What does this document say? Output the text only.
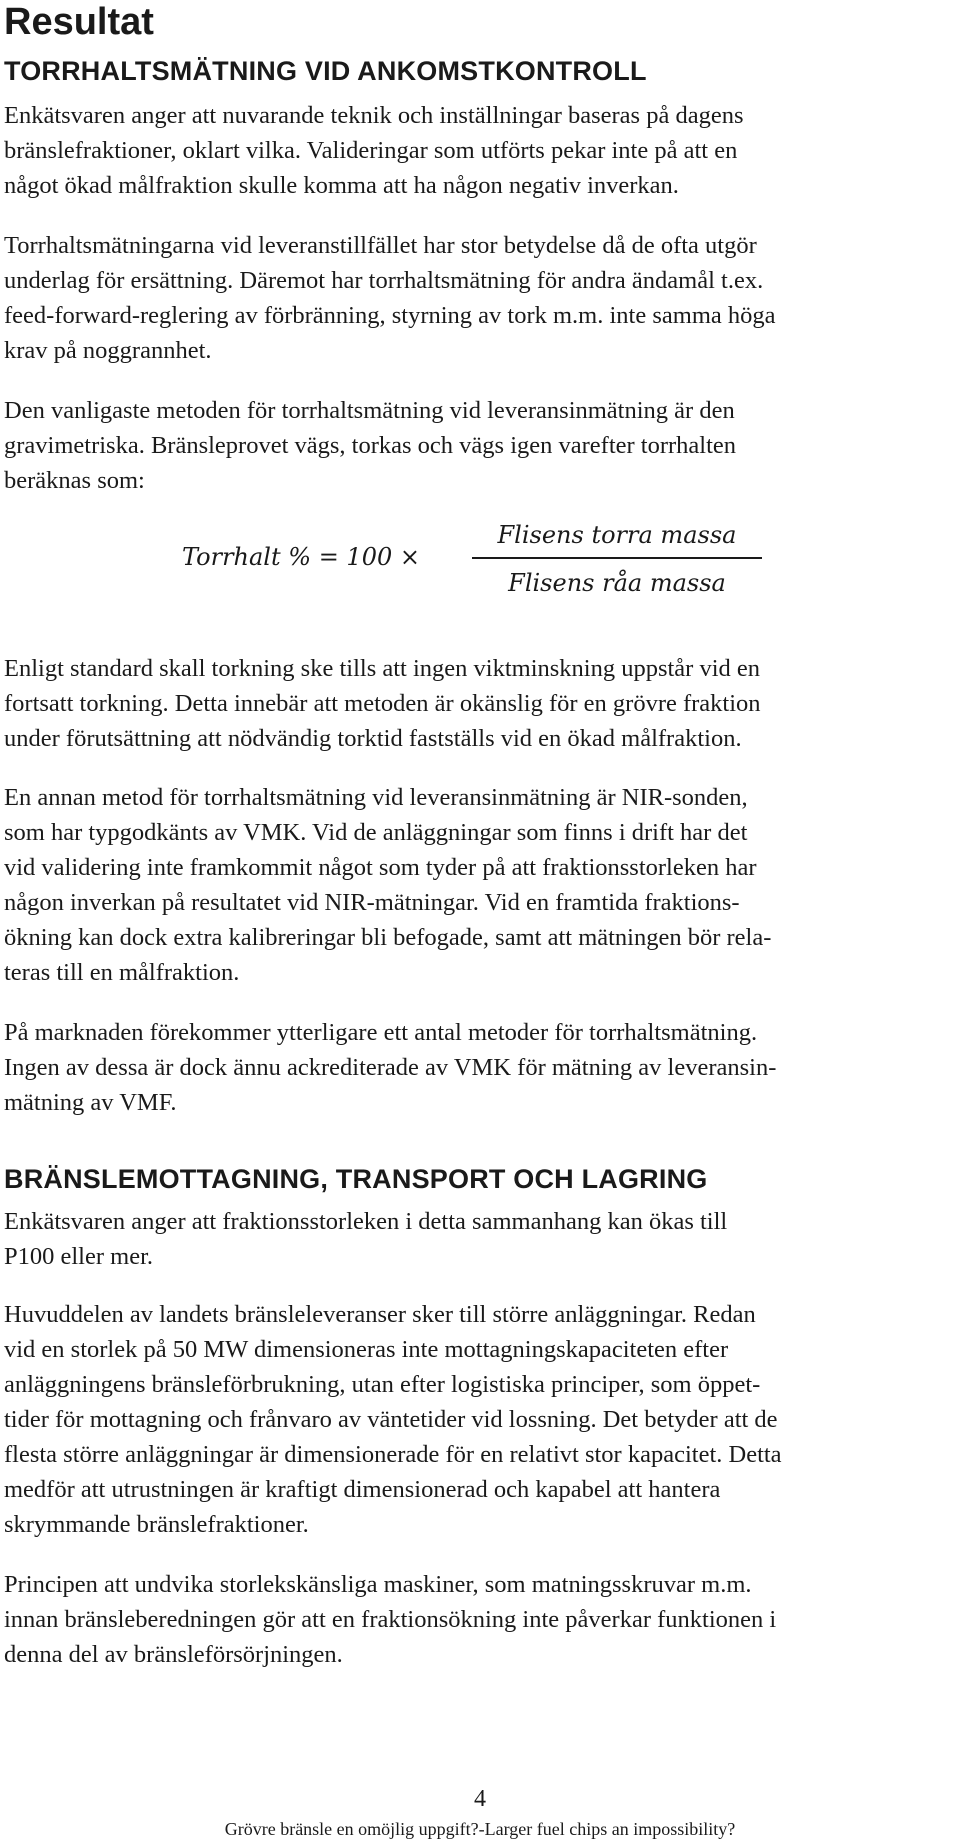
Resultat
TORRHALTSMÄTNING VID ANKOMSTKONTROLL
Enkätsvaren anger att nuvarande teknik och inställningar baseras på dagens
bränslefraktioner, oklart vilka. Valideringar som utförts pekar inte på att en
något ökad målfraktion skulle komma att ha någon negativ inverkan.
Torrhaltsmätningarna vid leveranstillfället har stor betydelse då de ofta utgör
underlag för ersättning. Däremot har torrhaltsmätning för andra ändamål t.ex.
feed-forward-reglering av förbränning, styrning av tork m.m. inte samma höga
krav på noggrannhet.
Den vanligaste metoden för torrhaltsmätning vid leveransinmätning är den
gravimetriska. Bränsleprovet vägs, torkas och vägs igen varefter torrhalten
beräknas som:
Torrhalt % = 100 ×
Flisens torra massa
Flisens råa massa
Enligt standard skall torkning ske tills att ingen viktminskning uppstår vid en
fortsatt torkning. Detta innebär att metoden är okänslig för en grövre fraktion
under förutsättning att nödvändig torktid fastställs vid en ökad målfraktion.
En annan metod för torrhaltsmätning vid leveransinmätning är NIR-sonden,
som har typgodkänts av VMK. Vid de anläggningar som finns i drift har det
vid validering inte framkommit något som tyder på att fraktionsstorleken har
någon inverkan på resultatet vid NIR-mätningar. Vid en framtida fraktions-
ökning kan dock extra kalibreringar bli befogade, samt att mätningen bör rela-
teras till en målfraktion.
På marknaden förekommer ytterligare ett antal metoder för torrhaltsmätning.
Ingen av dessa är dock ännu ackrediterade av VMK för mätning av leveransin-
mätning av VMF.
BRÄNSLEMOTTAGNING, TRANSPORT OCH LAGRING
Enkätsvaren anger att fraktionsstorleken i detta sammanhang kan ökas till
P100 eller mer.
Huvuddelen av landets bränsleleveranser sker till större anläggningar. Redan
vid en storlek på 50 MW dimensioneras inte mottagningskapaciteten efter
anläggningens bränsleförbrukning, utan efter logistiska principer, som öppet-
tider för mottagning och frånvaro av väntetider vid lossning. Det betyder att de
flesta större anläggningar är dimensionerade för en relativt stor kapacitet. Detta
medför att utrustningen är kraftigt dimensionerad och kapabel att hantera
skrymmande bränslefraktioner.
Principen att undvika storlekskänsliga maskiner, som matningsskruvar m.m.
innan bränsleberedningen gör att en fraktionsökning inte påverkar funktionen i
denna del av bränsleförsörjningen.
4
Grövre bränsle en omöjlig uppgift?-Larger fuel chips an impossibility?
